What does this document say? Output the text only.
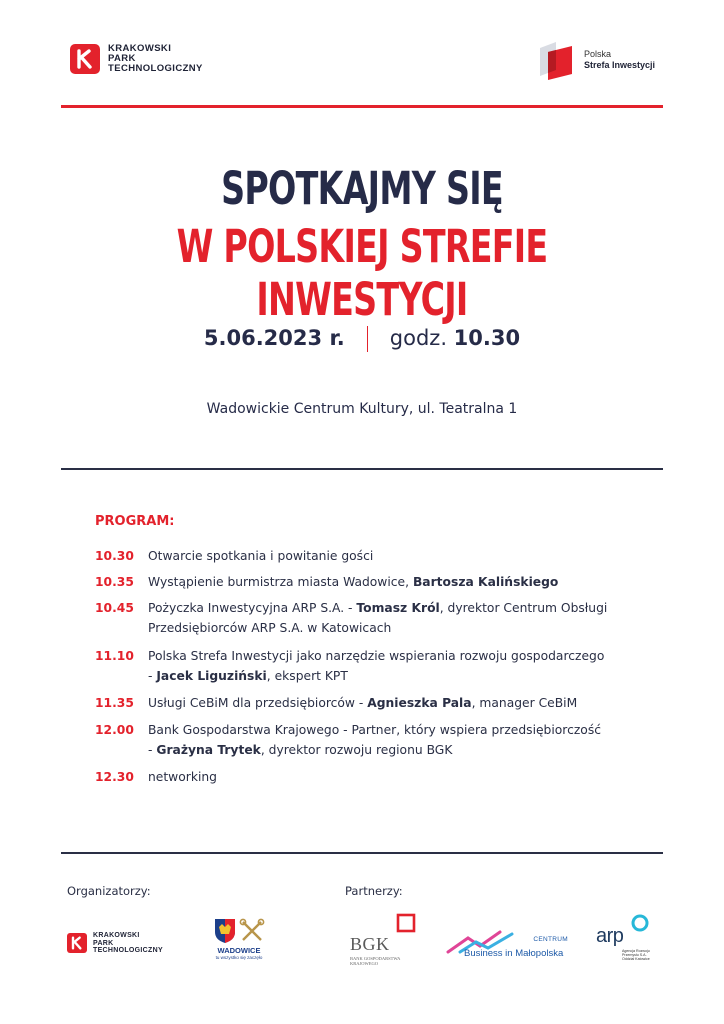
KRAKOWSKI
PARK
TECHNOLOGICZNY
Polska
Strefa Inwestycji
SPOTKAJMY SIĘ
W POLSKIEJ STREFIE INWESTYCJI
5.06.2023 r. godz. 10.30
Wadowickie Centrum Kultury, ul. Teatralna 1
PROGRAM:
10.30	Otwarcie spotkania i powitanie gości
10.35	Wystąpienie burmistrza miasta Wadowice, Bartosza Kalińskiego
10.45	Pożyczka Inwestycyjna ARP S.A. - Tomasz Król, dyrektor Centrum Obsługi
Przedsiębiorców ARP S.A. w Katowicach
11.10	Polska Strefa Inwestycji jako narzędzie wspierania rozwoju gospodarczego
- Jacek Liguziński, ekspert KPT
11.35	Usługi CeBiM dla przedsiębiorców - Agnieszka Pala, manager CeBiM
12.00	Bank Gospodarstwa Krajowego - Partner, który wspiera przedsiębiorczość
- Grażyna Trytek, dyrektor rozwoju regionu BGK
12.30	networking
Organizatorzy:	Partnerzy:
KRAKOWSKI
PARK
TECHNOLOGICZNY	WADOWICE
tu wszystko się zaczęło
BGK
BANK GOSPODARSTWA KRAJOWEGO
CENTRUM
Business in Małopolska
arp
Agencja Rozwoju Przemysłu S.A. Oddział Katowice
